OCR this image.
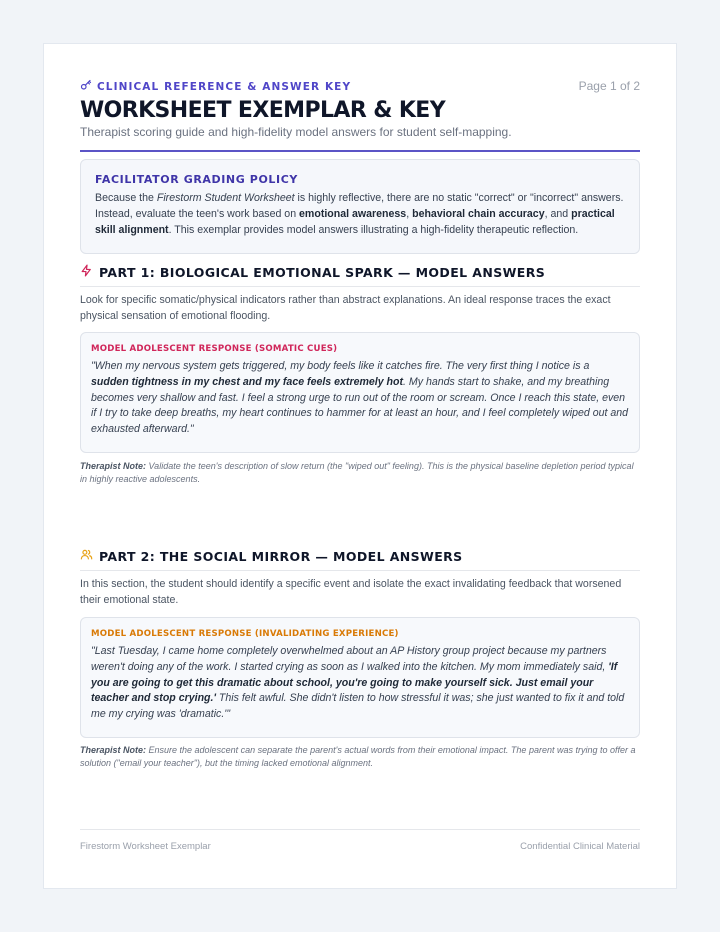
CLINICAL REFERENCE & ANSWER KEY	Page 1 of 2
WORKSHEET EXEMPLAR & KEY
Therapist scoring guide and high-fidelity model answers for student self-mapping.
FACILITATOR GRADING POLICY

Because the Firestorm Student Worksheet is highly reflective, there are no static "correct" or "incorrect" answers. Instead, evaluate the teen's work based on emotional awareness, behavioral chain accuracy, and practical skill alignment. This exemplar provides model answers illustrating a high-fidelity therapeutic reflection.

PART 1: BIOLOGICAL EMOTIONAL SPARK — MODEL ANSWERS
Look for specific somatic/physical indicators rather than abstract explanations. An ideal response traces the exact physical sensation of emotional flooding.
MODEL ADOLESCENT RESPONSE (SOMATIC CUES)

"When my nervous system gets triggered, my body feels like it catches fire. The very first thing I notice is a sudden tightness in my chest and my face feels extremely hot. My hands start to shake, and my breathing becomes very shallow and fast. I feel a strong urge to run out of the room or scream. Once I reach this state, even if I try to take deep breaths, my heart continues to hammer for at least an hour, and I feel completely wiped out and exhausted afterward."

Therapist Note: Validate the teen's description of slow return (the "wiped out" feeling). This is the physical baseline depletion period typical in highly reactive adolescents.
PART 2: THE SOCIAL MIRROR — MODEL ANSWERS
In this section, the student should identify a specific event and isolate the exact invalidating feedback that worsened their emotional state.
MODEL ADOLESCENT RESPONSE (INVALIDATING EXPERIENCE)

"Last Tuesday, I came home completely overwhelmed about an AP History group project because my partners weren't doing any of the work. I started crying as soon as I walked into the kitchen. My mom immediately said, 'If you are going to get this dramatic about school, you're going to make yourself sick. Just email your teacher and stop crying.' This felt awful. She didn't listen to how stressful it was; she just wanted to fix it and told me my crying was 'dramatic.'"

Therapist Note: Ensure the adolescent can separate the parent's actual words from their emotional impact. The parent was trying to offer a solution ("email your teacher"), but the timing lacked emotional alignment.
Firestorm Worksheet Exemplar	Confidential Clinical Material
